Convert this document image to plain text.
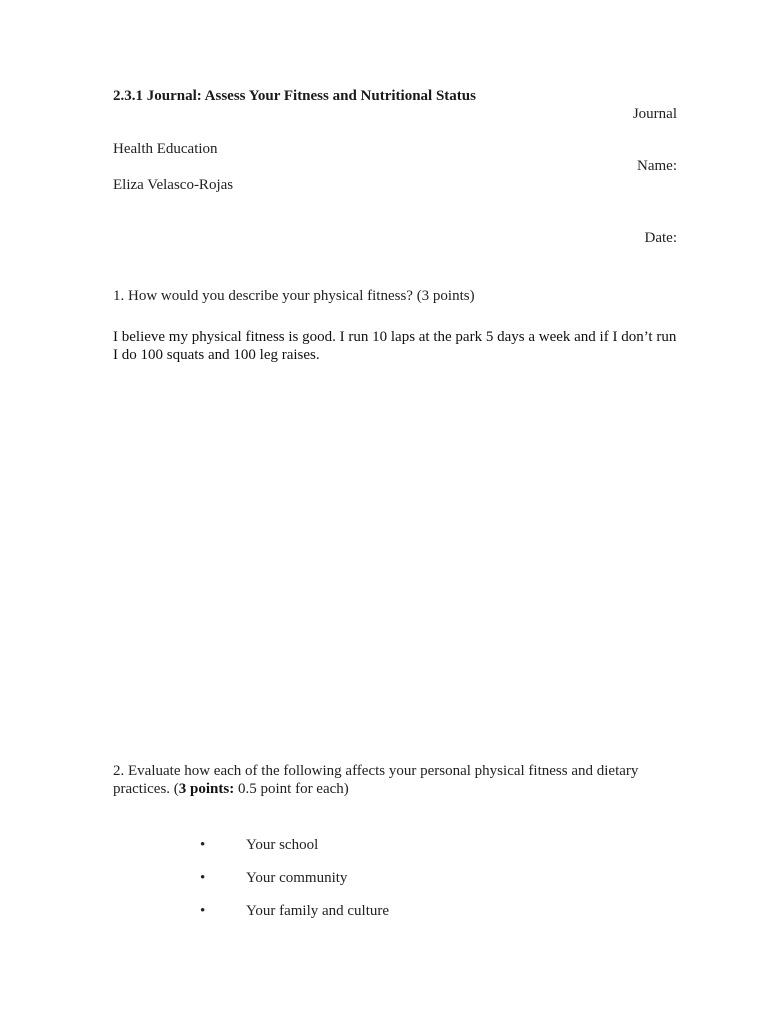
2.3.1 Journal: Assess Your Fitness and Nutritional Status
Journal
Health Education
Name:
Eliza Velasco-Rojas
Date:
1. How would you describe your physical fitness? (3 points)
I believe my physical fitness is good. I run 10 laps at the park 5 days a week and if I don’t run I do 100 squats and 100 leg raises.
2. Evaluate how each of the following affects your personal physical fitness and dietary practices. (3 points: 0.5 point for each)
•	Your school
•	Your community
•	Your family and culture
